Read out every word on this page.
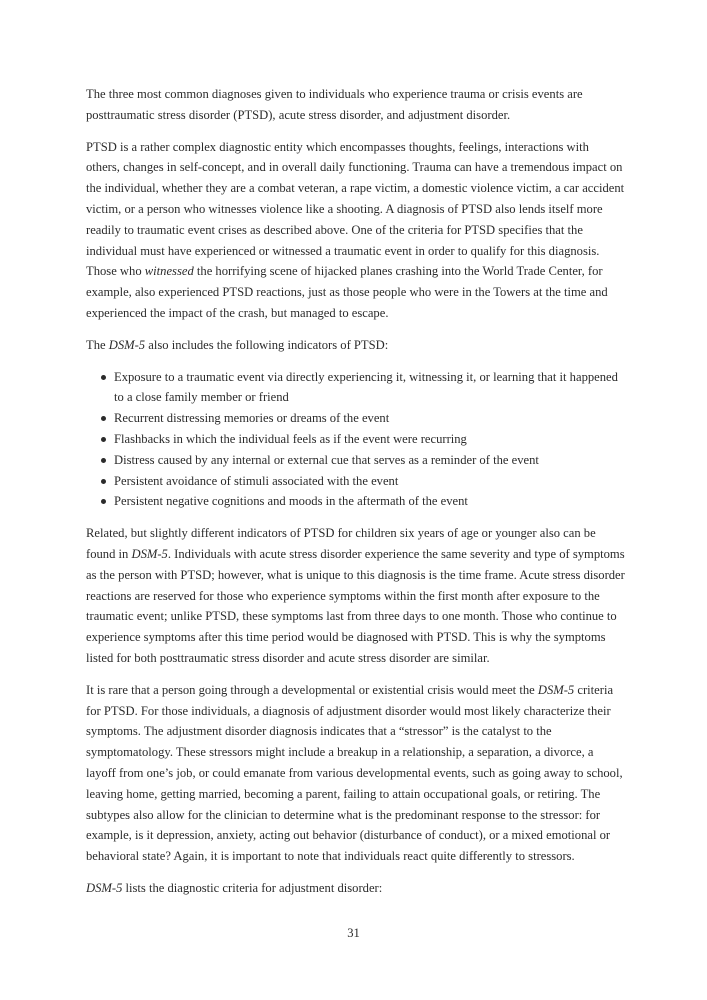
The three most common diagnoses given to individuals who experience trauma or crisis events are posttraumatic stress disorder (PTSD), acute stress disorder, and adjustment disorder.

PTSD is a rather complex diagnostic entity which encompasses thoughts, feelings, interactions with others, changes in self-concept, and in overall daily functioning. Trauma can have a tremendous impact on the individual, whether they are a combat veteran, a rape victim, a domestic violence victim, a car accident victim, or a person who witnesses violence like a shooting. A diagnosis of PTSD also lends itself more readily to traumatic event crises as described above. One of the criteria for PTSD specifies that the individual must have experienced or witnessed a traumatic event in order to qualify for this diagnosis. Those who witnessed the horrifying scene of hijacked planes crashing into the World Trade Center, for example, also experienced PTSD reactions, just as those people who were in the Towers at the time and experienced the impact of the crash, but managed to escape.

The DSM-5 also includes the following indicators of PTSD:

Exposure to a traumatic event via directly experiencing it, witnessing it, or learning that it happened to a close family member or friend
Recurrent distressing memories or dreams of the event
Flashbacks in which the individual feels as if the event were recurring
Distress caused by any internal or external cue that serves as a reminder of the event
Persistent avoidance of stimuli associated with the event
Persistent negative cognitions and moods in the aftermath of the event

Related, but slightly different indicators of PTSD for children six years of age or younger also can be found in DSM-5. Individuals with acute stress disorder experience the same severity and type of symptoms as the person with PTSD; however, what is unique to this diagnosis is the time frame. Acute stress disorder reactions are reserved for those who experience symptoms within the first month after exposure to the traumatic event; unlike PTSD, these symptoms last from three days to one month. Those who continue to experience symptoms after this time period would be diagnosed with PTSD. This is why the symptoms listed for both posttraumatic stress disorder and acute stress disorder are similar.

It is rare that a person going through a developmental or existential crisis would meet the DSM-5 criteria for PTSD. For those individuals, a diagnosis of adjustment disorder would most likely characterize their symptoms. The adjustment disorder diagnosis indicates that a “stressor” is the catalyst to the symptomatology. These stressors might include a breakup in a relationship, a separation, a divorce, a layoff from one’s job, or could emanate from various developmental events, such as going away to school, leaving home, getting married, becoming a parent, failing to attain occupational goals, or retiring. The subtypes also allow for the clinician to determine what is the predominant response to the stressor: for example, is it depression, anxiety, acting out behavior (disturbance of conduct), or a mixed emotional or behavioral state? Again, it is important to note that individuals react quite differently to stressors.

DSM-5 lists the diagnostic criteria for adjustment disorder:

31
